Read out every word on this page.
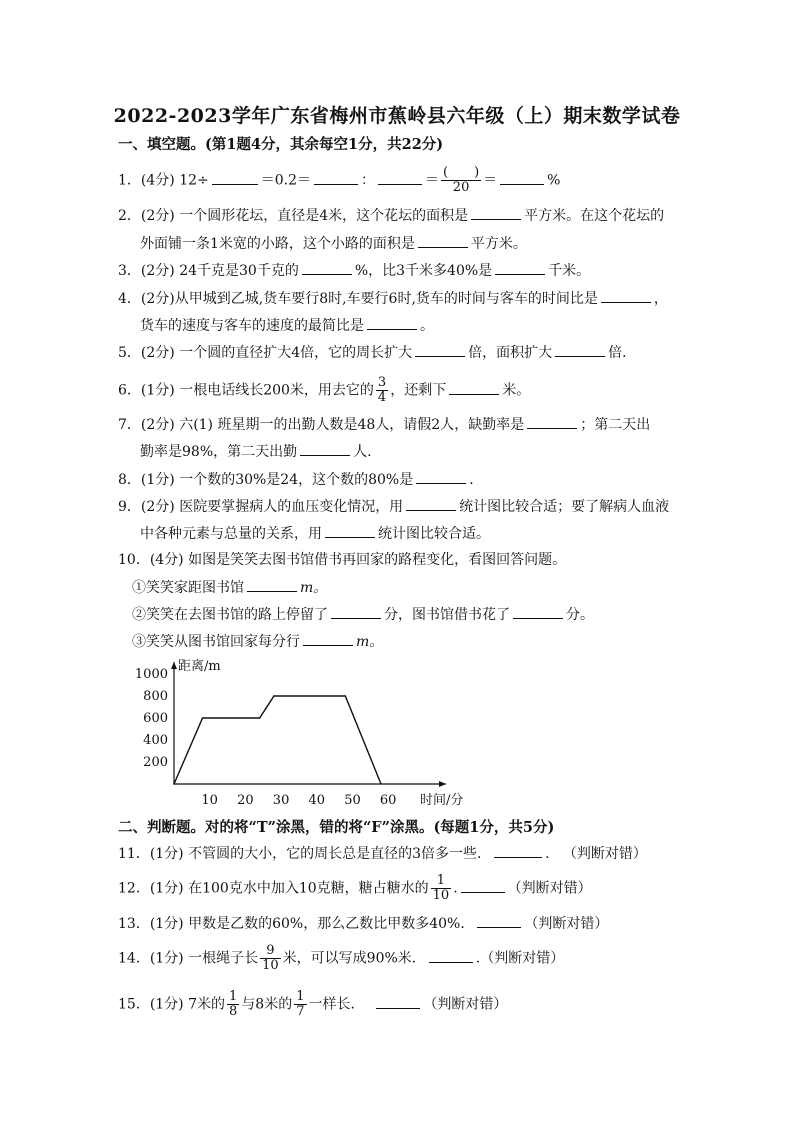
2022-2023学年广东省梅州市蕉岭县六年级（上）期末数学试卷
一、填空题。(第1题4分，其余每空1分，共22分)
1．(4分) 12÷	＝0.2＝	：	＝ $\frac{( )}{20}$ ＝	%
2．(2分) 一个圆形花坛，直径是4米，这个花坛的面积是	平方米。在这个花坛的
外面铺一条1米宽的小路，这个小路的面积是	平方米。
3．(2分) 24千克是30千克的	%，比3千米多40%是	千米。
4．(2分)从甲城到乙城,货车要行8时,车要行6时,货车的时间与客车的时间比是	，
货车的速度与客车的速度的最简比是	。
5．(2分) 一个圆的直径扩大4倍，它的周长扩大	倍，面积扩大	倍．
6．(1分) 一根电话线长200米，用去它的 $\frac{3}{4}$ ，还剩下	米。
7．(2分) 六(1) 班星期一的出勤人数是48人，请假2人，缺勤率是	；第二天出
勤率是98%，第二天出勤	人.
8．(1分) 一个数的30%是24，这个数的80%是	.
9．(2分) 医院要掌握病人的血压变化情况，用	统计图比较合适；要了解病人血液
中各种元素与总量的关系，用	统计图比较合适。
10．(4分) 如图是笑笑去图书馆借书再回家的路程变化，看图回答问题。
①笑笑家距图书馆	m。
②笑笑在去图书馆的路上停留了	分，图书馆借书花了	分。
③笑笑从图书馆回家每分行	m。
距离/m
时间/分
10 20 30 40 50 60
200
400
600
800
1000
二、判断题。对的将“T”涂黑，错的将“F”涂黑。(每题1分，共5分)
11．(1分) 不管圆的大小，它的周长总是直径的3倍多一些．	. （判断对错）
12．(1分) 在100克水中加入10克糖，糖占糖水的 $\frac{1}{10}$ .	（判断对错）
13．(1分) 甲数是乙数的60%，那么乙数比甲数多40%．	（判断对错）
14．(1分) 一根绳子长 $\frac{9}{10}$ 米，可以写成90%米．	.（判断对错）
15．(1分) 7米的 $\frac{1}{8}$ 与8米的 $\frac{1}{7}$ 一样长．	（判断对错）
